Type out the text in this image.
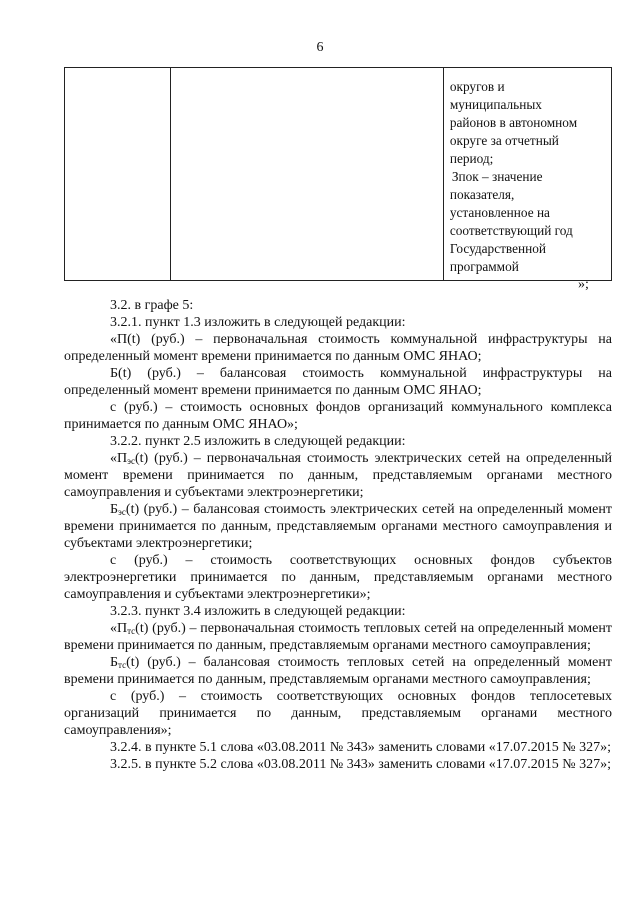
6

округов и
муниципальных
районов в автономном
округе за отчетный
период;
Зпок – значение
показателя,
установленное на
соответствующий год
Государственной
программой
»;

3.2. в графе 5:

3.2.1. пункт 1.3 изложить в следующей редакции:

«П(t) (руб.) – первоначальная стоимость коммунальной инфраструктуры на определенный момент времени принимается по данным ОМС ЯНАО;

Б(t) (руб.) – балансовая стоимость коммунальной инфраструктуры на определенный момент времени принимается по данным ОМС ЯНАО;

с (руб.) – стоимость основных фондов организаций коммунального комплекса принимается по данным ОМС ЯНАО»;

3.2.2. пункт 2.5 изложить в следующей редакции:

«$П_{эс}(t)$ (руб.) – первоначальная стоимость электрических сетей на определенный момент времени принимается по данным, представляемым органами местного самоуправления и субъектами электроэнергетики;

$Б_{эс}(t)$ (руб.) – балансовая стоимость электрических сетей на определенный момент времени принимается по данным, представляемым органами местного самоуправления и субъектами электроэнергетики;

с (руб.) – стоимость соответствующих основных фондов субъектов электроэнергетики принимается по данным, представляемым органами местного самоуправления и субъектами электроэнергетики»;

3.2.3. пункт 3.4 изложить в следующей редакции:

«$П_{тс}(t)$ (руб.) – первоначальная стоимость тепловых сетей на определенный момент времени принимается по данным, представляемым органами местного самоуправления;

$Б_{тс}(t)$ (руб.) – балансовая стоимость тепловых сетей на определенный момент времени принимается по данным, представляемым органами местного самоуправления;

с (руб.) – стоимость соответствующих основных фондов теплосетевых организаций принимается по данным, представляемым органами местного самоуправления»;

3.2.4. в пункте 5.1 слова «03.08.2011 № 343» заменить словами «17.07.2015 № 327»;

3.2.5. в пункте 5.2 слова «03.08.2011 № 343» заменить словами «17.07.2015 № 327»;
